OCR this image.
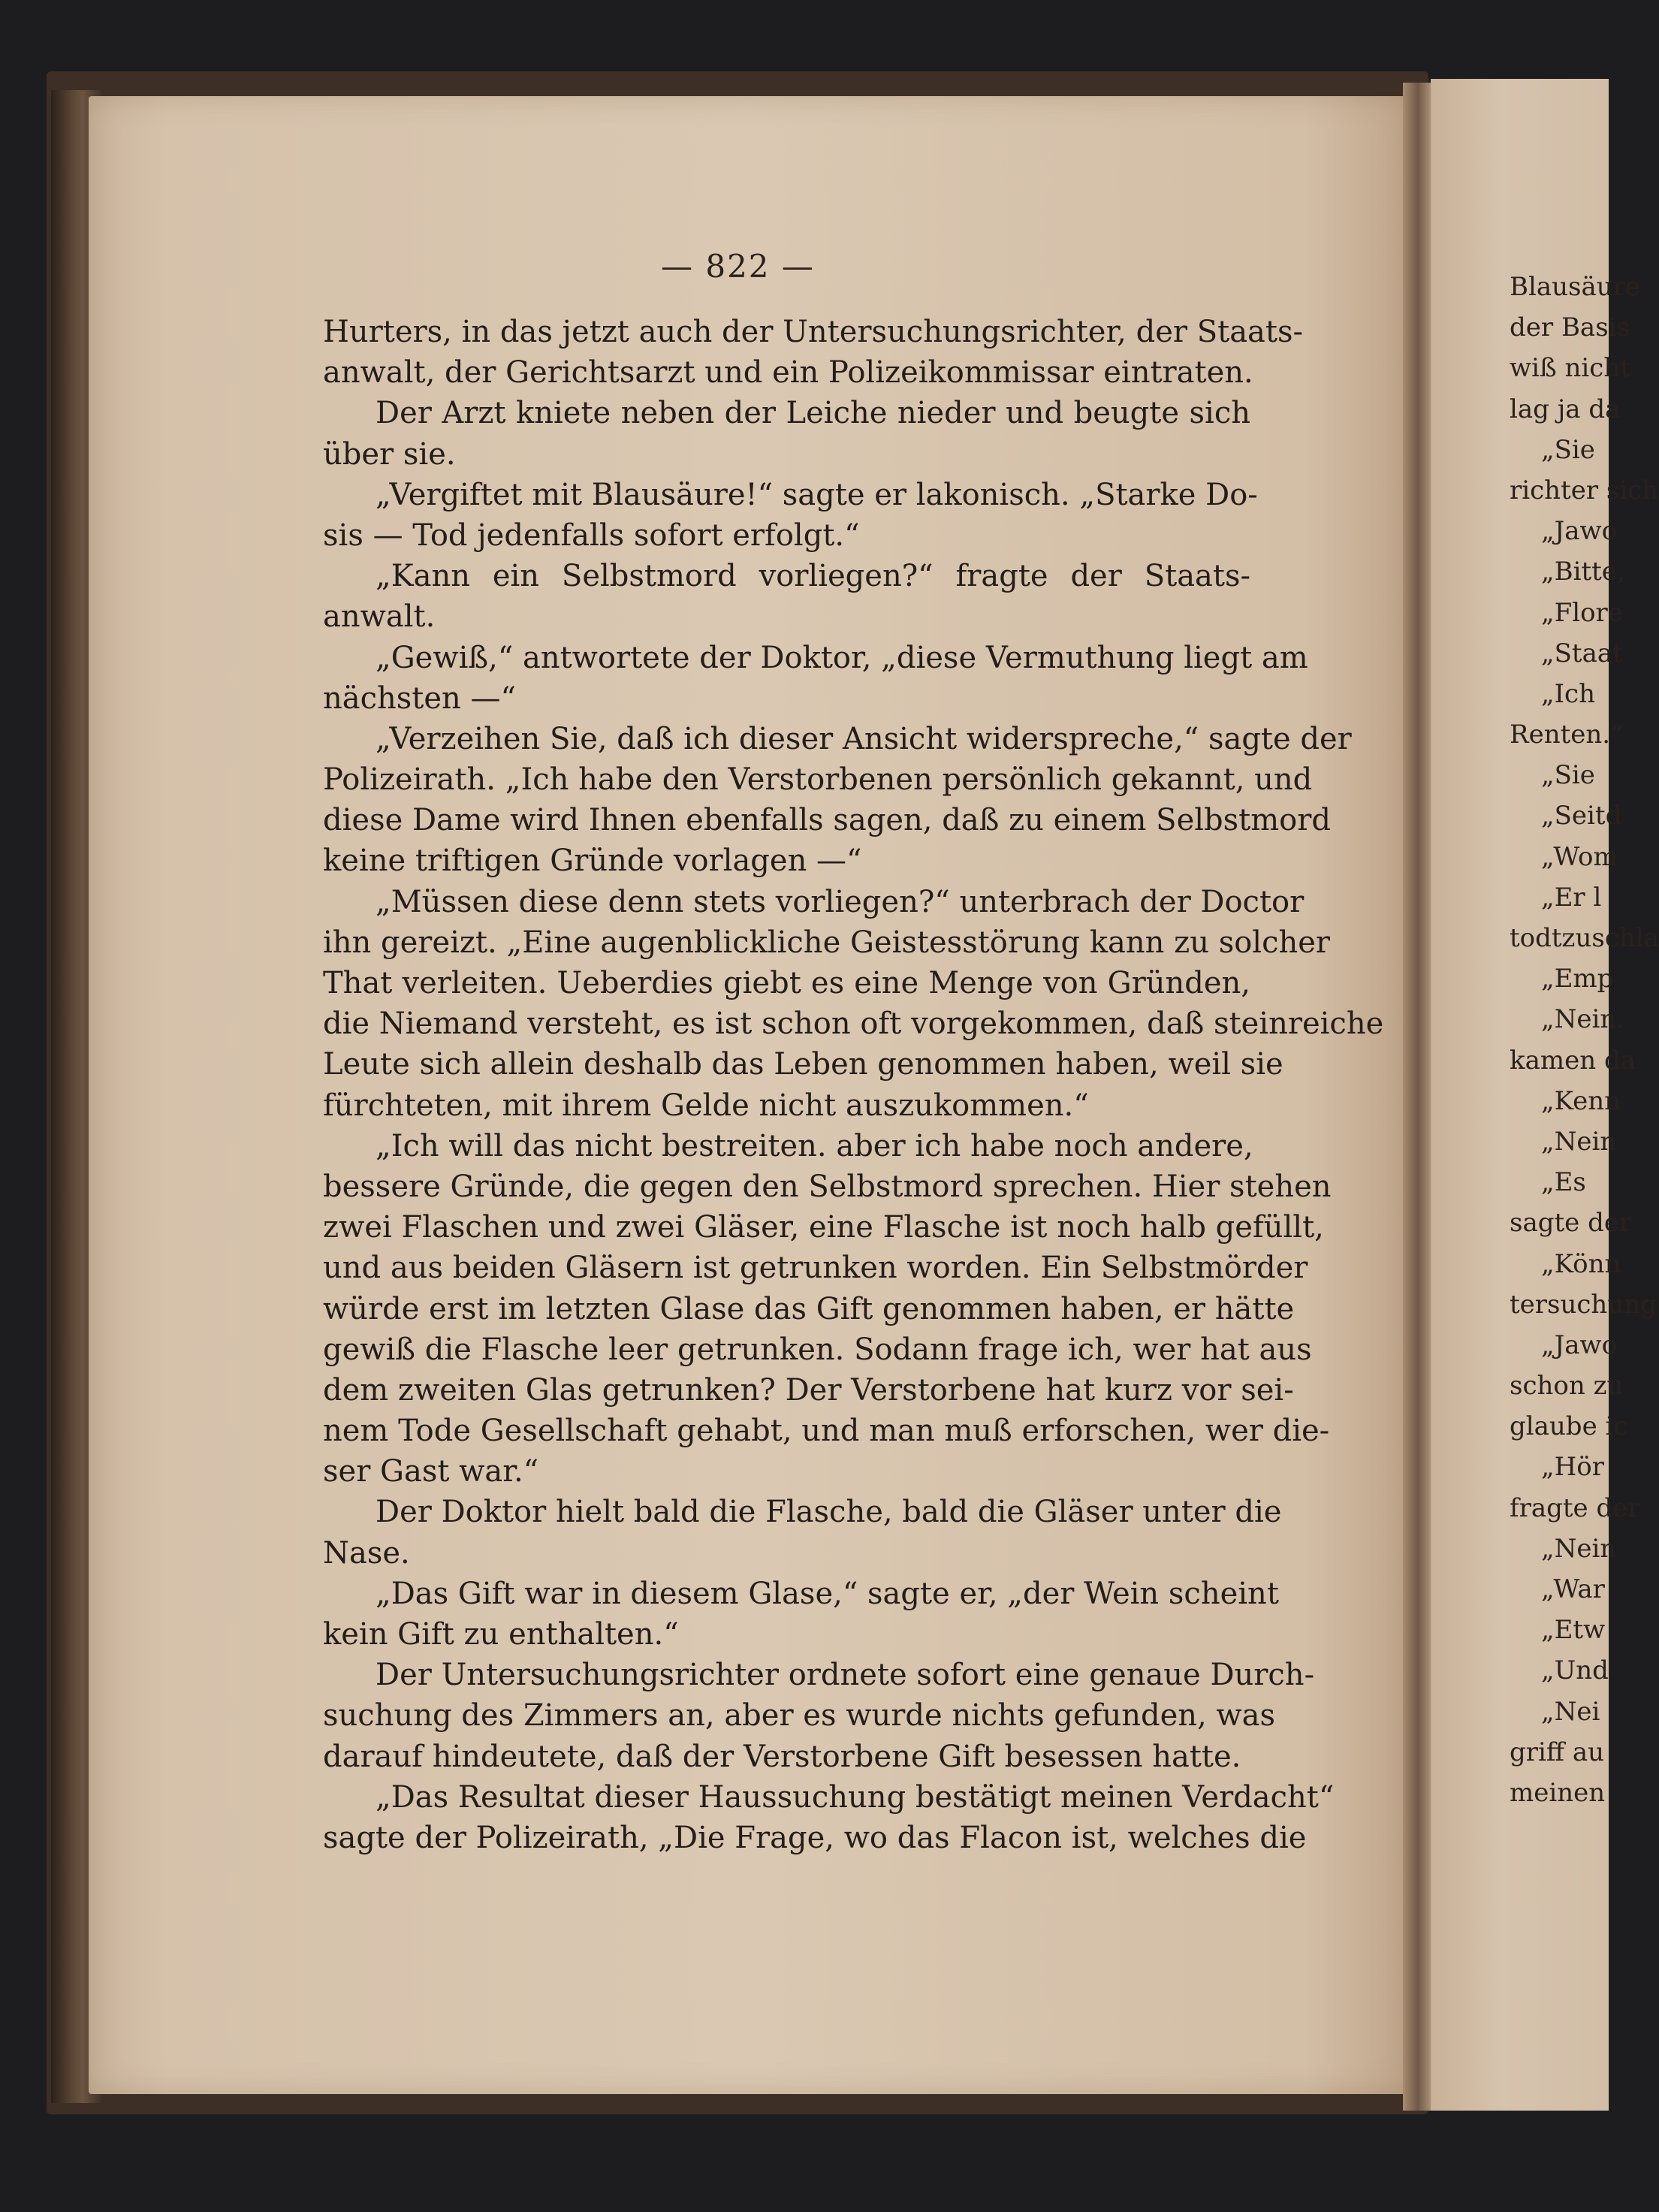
— 822 —
Hurters, in das jetzt auch der Untersuchungsrichter, der Staats-
anwalt, der Gerichtsarzt und ein Polizeikommissar eintraten.
Der Arzt kniete neben der Leiche nieder und beugte sich
über sie.
„Vergiftet mit Blausäure!“ sagte er lakonisch. „Starke Do-
sis — Tod jedenfalls sofort erfolgt.“
„Kann ein Selbstmord vorliegen?“ fragte der Staats-
anwalt.
„Gewiß,“ antwortete der Doktor, „diese Vermuthung liegt am
nächsten —“
„Verzeihen Sie, daß ich dieser Ansicht widerspreche,“ sagte der
Polizeirath. „Ich habe den Verstorbenen persönlich gekannt, und
diese Dame wird Ihnen ebenfalls sagen, daß zu einem Selbstmord
keine triftigen Gründe vorlagen —“
„Müssen diese denn stets vorliegen?“ unterbrach der Doctor
ihn gereizt. „Eine augenblickliche Geistesstörung kann zu solcher
That verleiten. Ueberdies giebt es eine Menge von Gründen,
die Niemand versteht, es ist schon oft vorgekommen, daß steinreiche
Leute sich allein deshalb das Leben genommen haben, weil sie
fürchteten, mit ihrem Gelde nicht auszukommen.“
„Ich will das nicht bestreiten. aber ich habe noch andere,
bessere Gründe, die gegen den Selbstmord sprechen. Hier stehen
zwei Flaschen und zwei Gläser, eine Flasche ist noch halb gefüllt,
und aus beiden Gläsern ist getrunken worden. Ein Selbstmörder
würde erst im letzten Glase das Gift genommen haben, er hätte
gewiß die Flasche leer getrunken. Sodann frage ich, wer hat aus
dem zweiten Glas getrunken? Der Verstorbene hat kurz vor sei-
nem Tode Gesellschaft gehabt, und man muß erforschen, wer die-
ser Gast war.“
Der Doktor hielt bald die Flasche, bald die Gläser unter die
Nase.
„Das Gift war in diesem Glase,“ sagte er, „der Wein scheint
kein Gift zu enthalten.“
Der Untersuchungsrichter ordnete sofort eine genaue Durch-
suchung des Zimmers an, aber es wurde nichts gefunden, was
darauf hindeutete, daß der Verstorbene Gift besessen hatte.
„Das Resultat dieser Haussuchung bestätigt meinen Verdacht“
sagte der Polizeirath, „Die Frage, wo das Flacon ist, welches die
Blausäure
der Basis
wiß nicht
lag ja da
„Sie
richter sich
„Jawo
„Bitte,
„Flore
„Staat
„Ich
Renten.“
„Sie
„Seitd
„Wom
„Er l
todtzuschla
„Emp
„Nein.
kamen da
„Kenn
„Nein
„Es
sagte der
„Könn
tersuchung
„Jawo
schon zu
glaube ic
„Hör
fragte der
„Nein
„War
„Etw
„Und
„Nei
griff au
meinen
